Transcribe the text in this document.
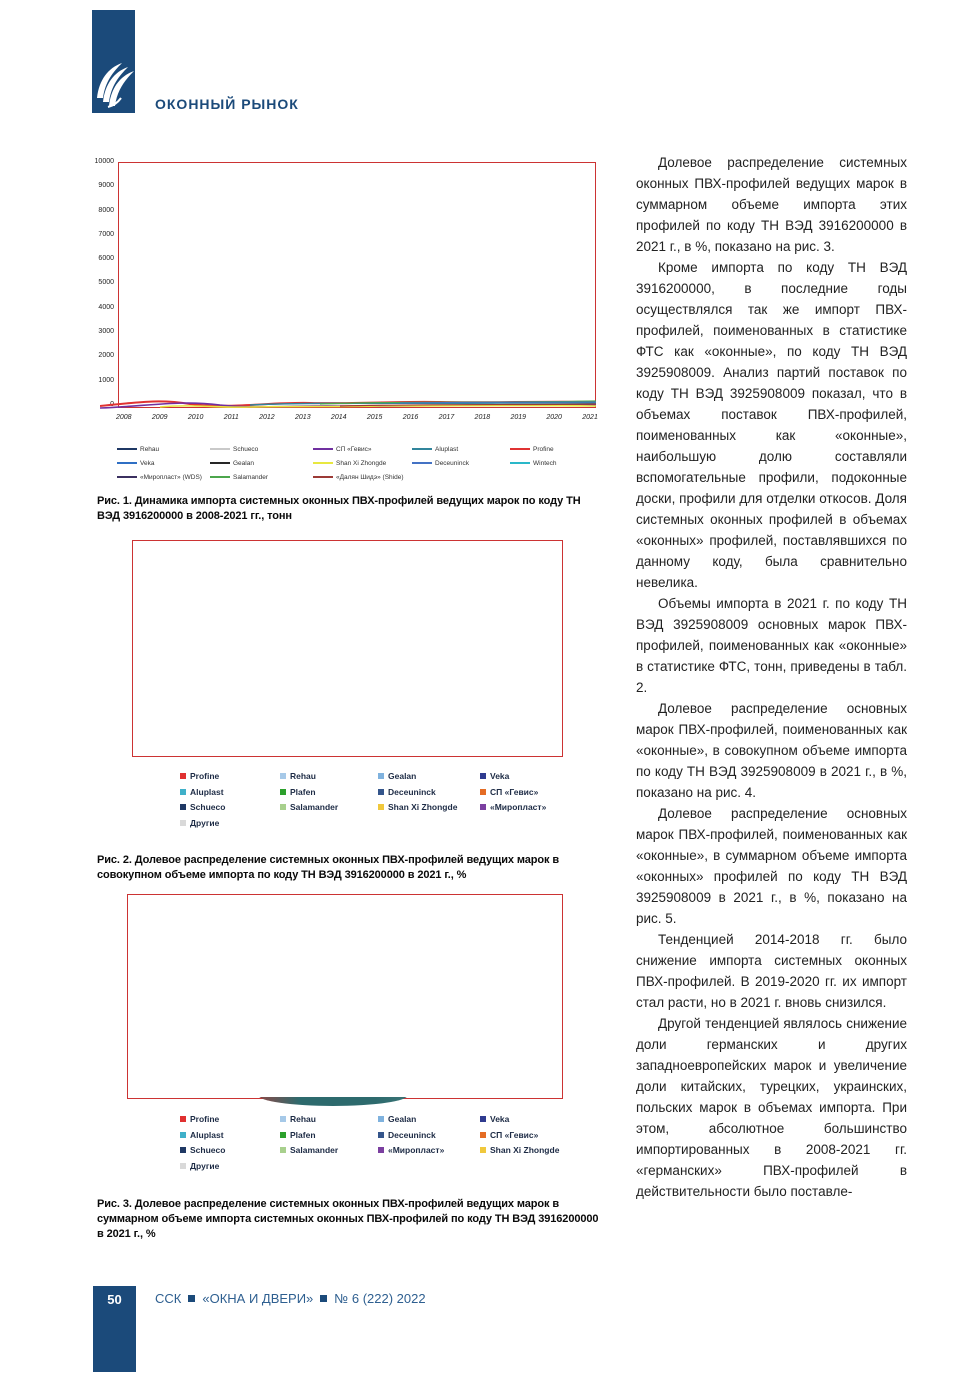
ОКОННЫЙ РЫНОК
10000
9000
8000
7000
6000
5000
4000
3000
2000
1000
0
2008	2009	2010	2011	2012	2013	2014	2015	2016	2017	2018	2019	2020	2021
Rehau	Schueco	СП «Гевис»	Aluplast	Profine
Veka	Gealan	Shan Xi Zhongde	Deceuninck	Wintech
«Миропласт» (WDS)	Salamander	«Далян Шидэ» (Shide)
Рис. 1. Динамика импорта системных оконных ПВХ-профилей ведущих марок по коду ТН ВЭД 3916200000 в 2008-2021 гг., тонн
Profine	Rehau	Gealan	Veka
Aluplast	Plafen	Deceuninck	СП «Гевис»
Schueco	Salamander	Shan Xi Zhongde	«Миропласт»
Другие
Рис. 2. Долевое распределение системных оконных ПВХ-профилей ведущих марок в совокупном объеме импорта по коду ТН ВЭД 3916200000 в 2021 г., %
Profine	Rehau	Gealan	Veka
Aluplast	Plafen	Deceuninck	СП «Гевис»
Schueco	Salamander	«Миропласт»	Shan Xi Zhongde
Другие
Рис. 3. Долевое распределение системных оконных ПВХ-профилей ведущих марок в суммарном объеме импорта системных оконных ПВХ-профилей по коду ТН ВЭД 3916200000 в 2021 г., %

Долевое распределение системных оконных ПВХ-профилей ведущих марок в суммарном объеме импорта этих профилей по коду ТН ВЭД 3916200000 в 2021 г., в %, показано на рис. 3.

Кроме импорта по коду ТН ВЭД 3916200000, в последние годы осуществлялся так же импорт ПВХ-профилей, поименованных в статистике ФТС как «оконные», по коду ТН ВЭД 3925908009. Анализ партий поставок по коду ТН ВЭД 3925908009 показал, что в объемах поставок ПВХ-профилей, поименованных как «оконные», наибольшую долю составляли вспомогательные профили, подоконные доски, профили для отделки откосов. Доля системных оконных профилей в объемах «оконных» профилей, поставлявшихся по данному коду, была сравнительно невелика.

Объемы импорта в 2021 г. по коду ТН ВЭД 3925908009 основных марок ПВХ-профилей, поименованных как «оконные» в статистике ФТС, тонн, приведены в табл. 2.

Долевое распределение основных марок ПВХ-профилей, поименованных как «оконные», в совокупном объеме импорта по коду ТН ВЭД 3925908009 в 2021 г., в %, показано на рис. 4.

Долевое распределение основных марок ПВХ-профилей, поименованных как «оконные», в суммарном объеме импорта «оконных» профилей по коду ТН ВЭД 3925908009 в 2021 г., в %, показано на рис. 5.

Тенденцией 2014-2018 гг. было снижение импорта системных оконных ПВХ-профилей. В 2019-2020 гг. их импорт стал расти, но в 2021 г. вновь снизился.

Другой тенденцией являлось снижение доли германских и других западноевропейских марок и увеличение доли китайских, турецких, украинских, польских марок в объемах импорта. При этом, абсолютное большинство импортированных в 2008-2021 гг. «германских» ПВХ-профилей в действительности было поставле-

50	ССК «ОКНА И ДВЕРИ» № 6 (222) 2022
